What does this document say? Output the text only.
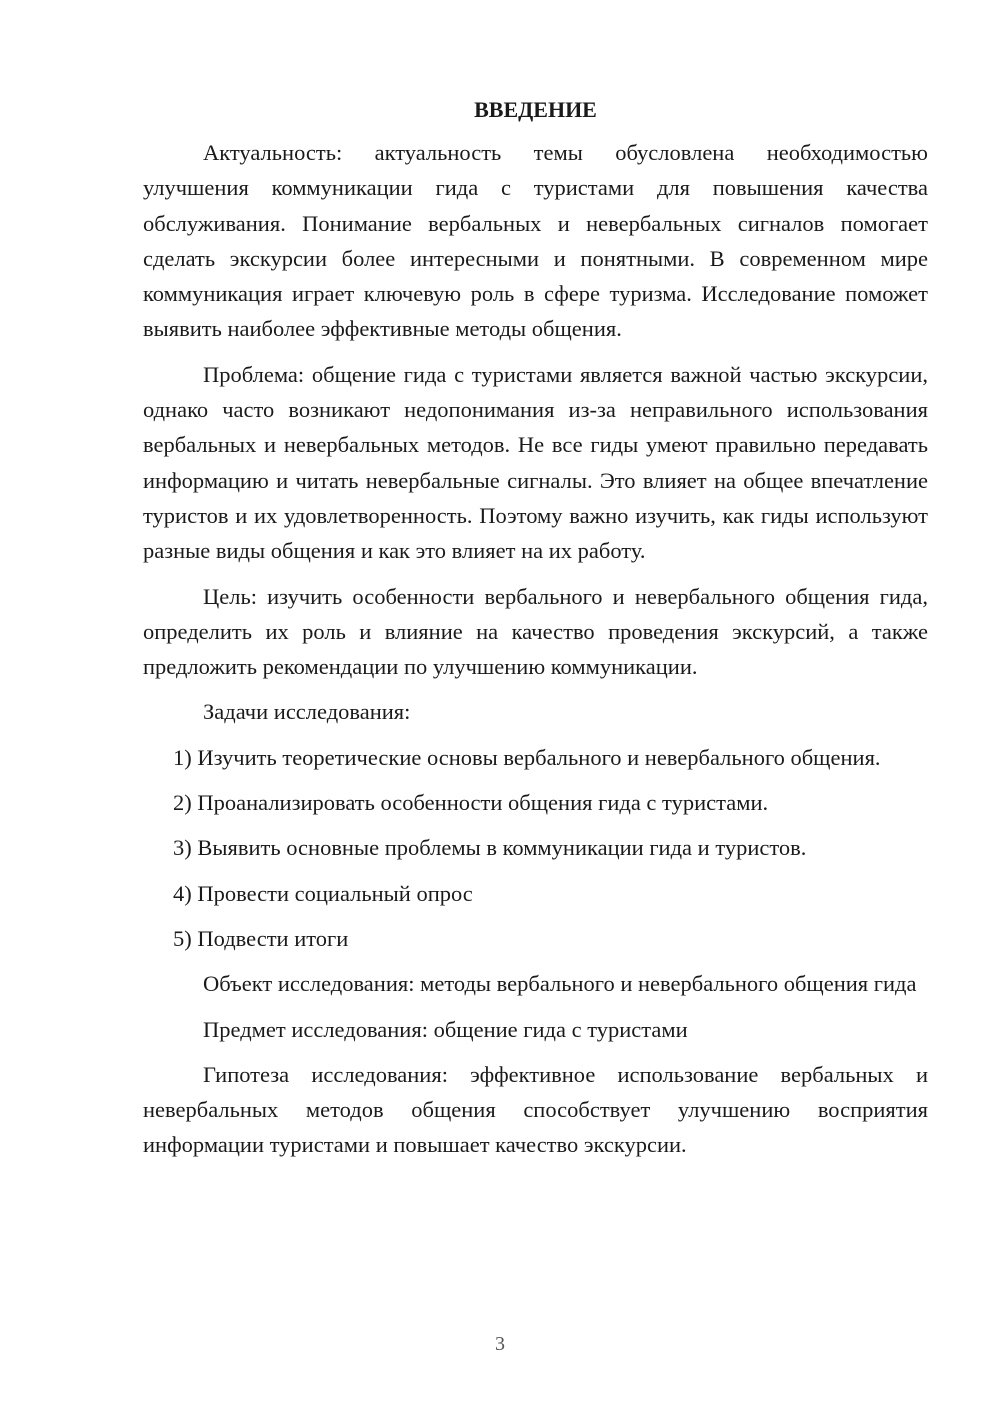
ВВЕДЕНИЕ

Актуальность: актуальность темы обусловлена необходимостью улучшения коммуникации гида с туристами для повышения качества обслуживания. Понимание вербальных и невербальных сигналов помогает сделать экскурсии более интересными и понятными. В современном мире коммуникация играет ключевую роль в сфере туризма. Исследование поможет выявить наиболее эффективные методы общения.

Проблема: общение гида с туристами является важной частью экскурсии, однако часто возникают недопонимания из-за неправильного использования вербальных и невербальных методов. Не все гиды умеют правильно передавать информацию и читать невербальные сигналы. Это влияет на общее впечатление туристов и их удовлетворенность. Поэтому важно изучить, как гиды используют разные виды общения и как это влияет на их работу.

Цель: изучить особенности вербального и невербального общения гида, определить их роль и влияние на качество проведения экскурсий, а также предложить рекомендации по улучшению коммуникации.

Задачи исследования:

1) Изучить теоретические основы вербального и невербального общения.

2) Проанализировать особенности общения гида с туристами.

3) Выявить основные проблемы в коммуникации гида и туристов.

4) Провести социальный опрос

5) Подвести итоги

Объект исследования: методы вербального и невербального общения гида

Предмет исследования: общение гида с туристами

Гипотеза исследования: эффективное использование вербальных и невербальных методов общения способствует улучшению восприятия информации туристами и повышает качество экскурсии.

3
